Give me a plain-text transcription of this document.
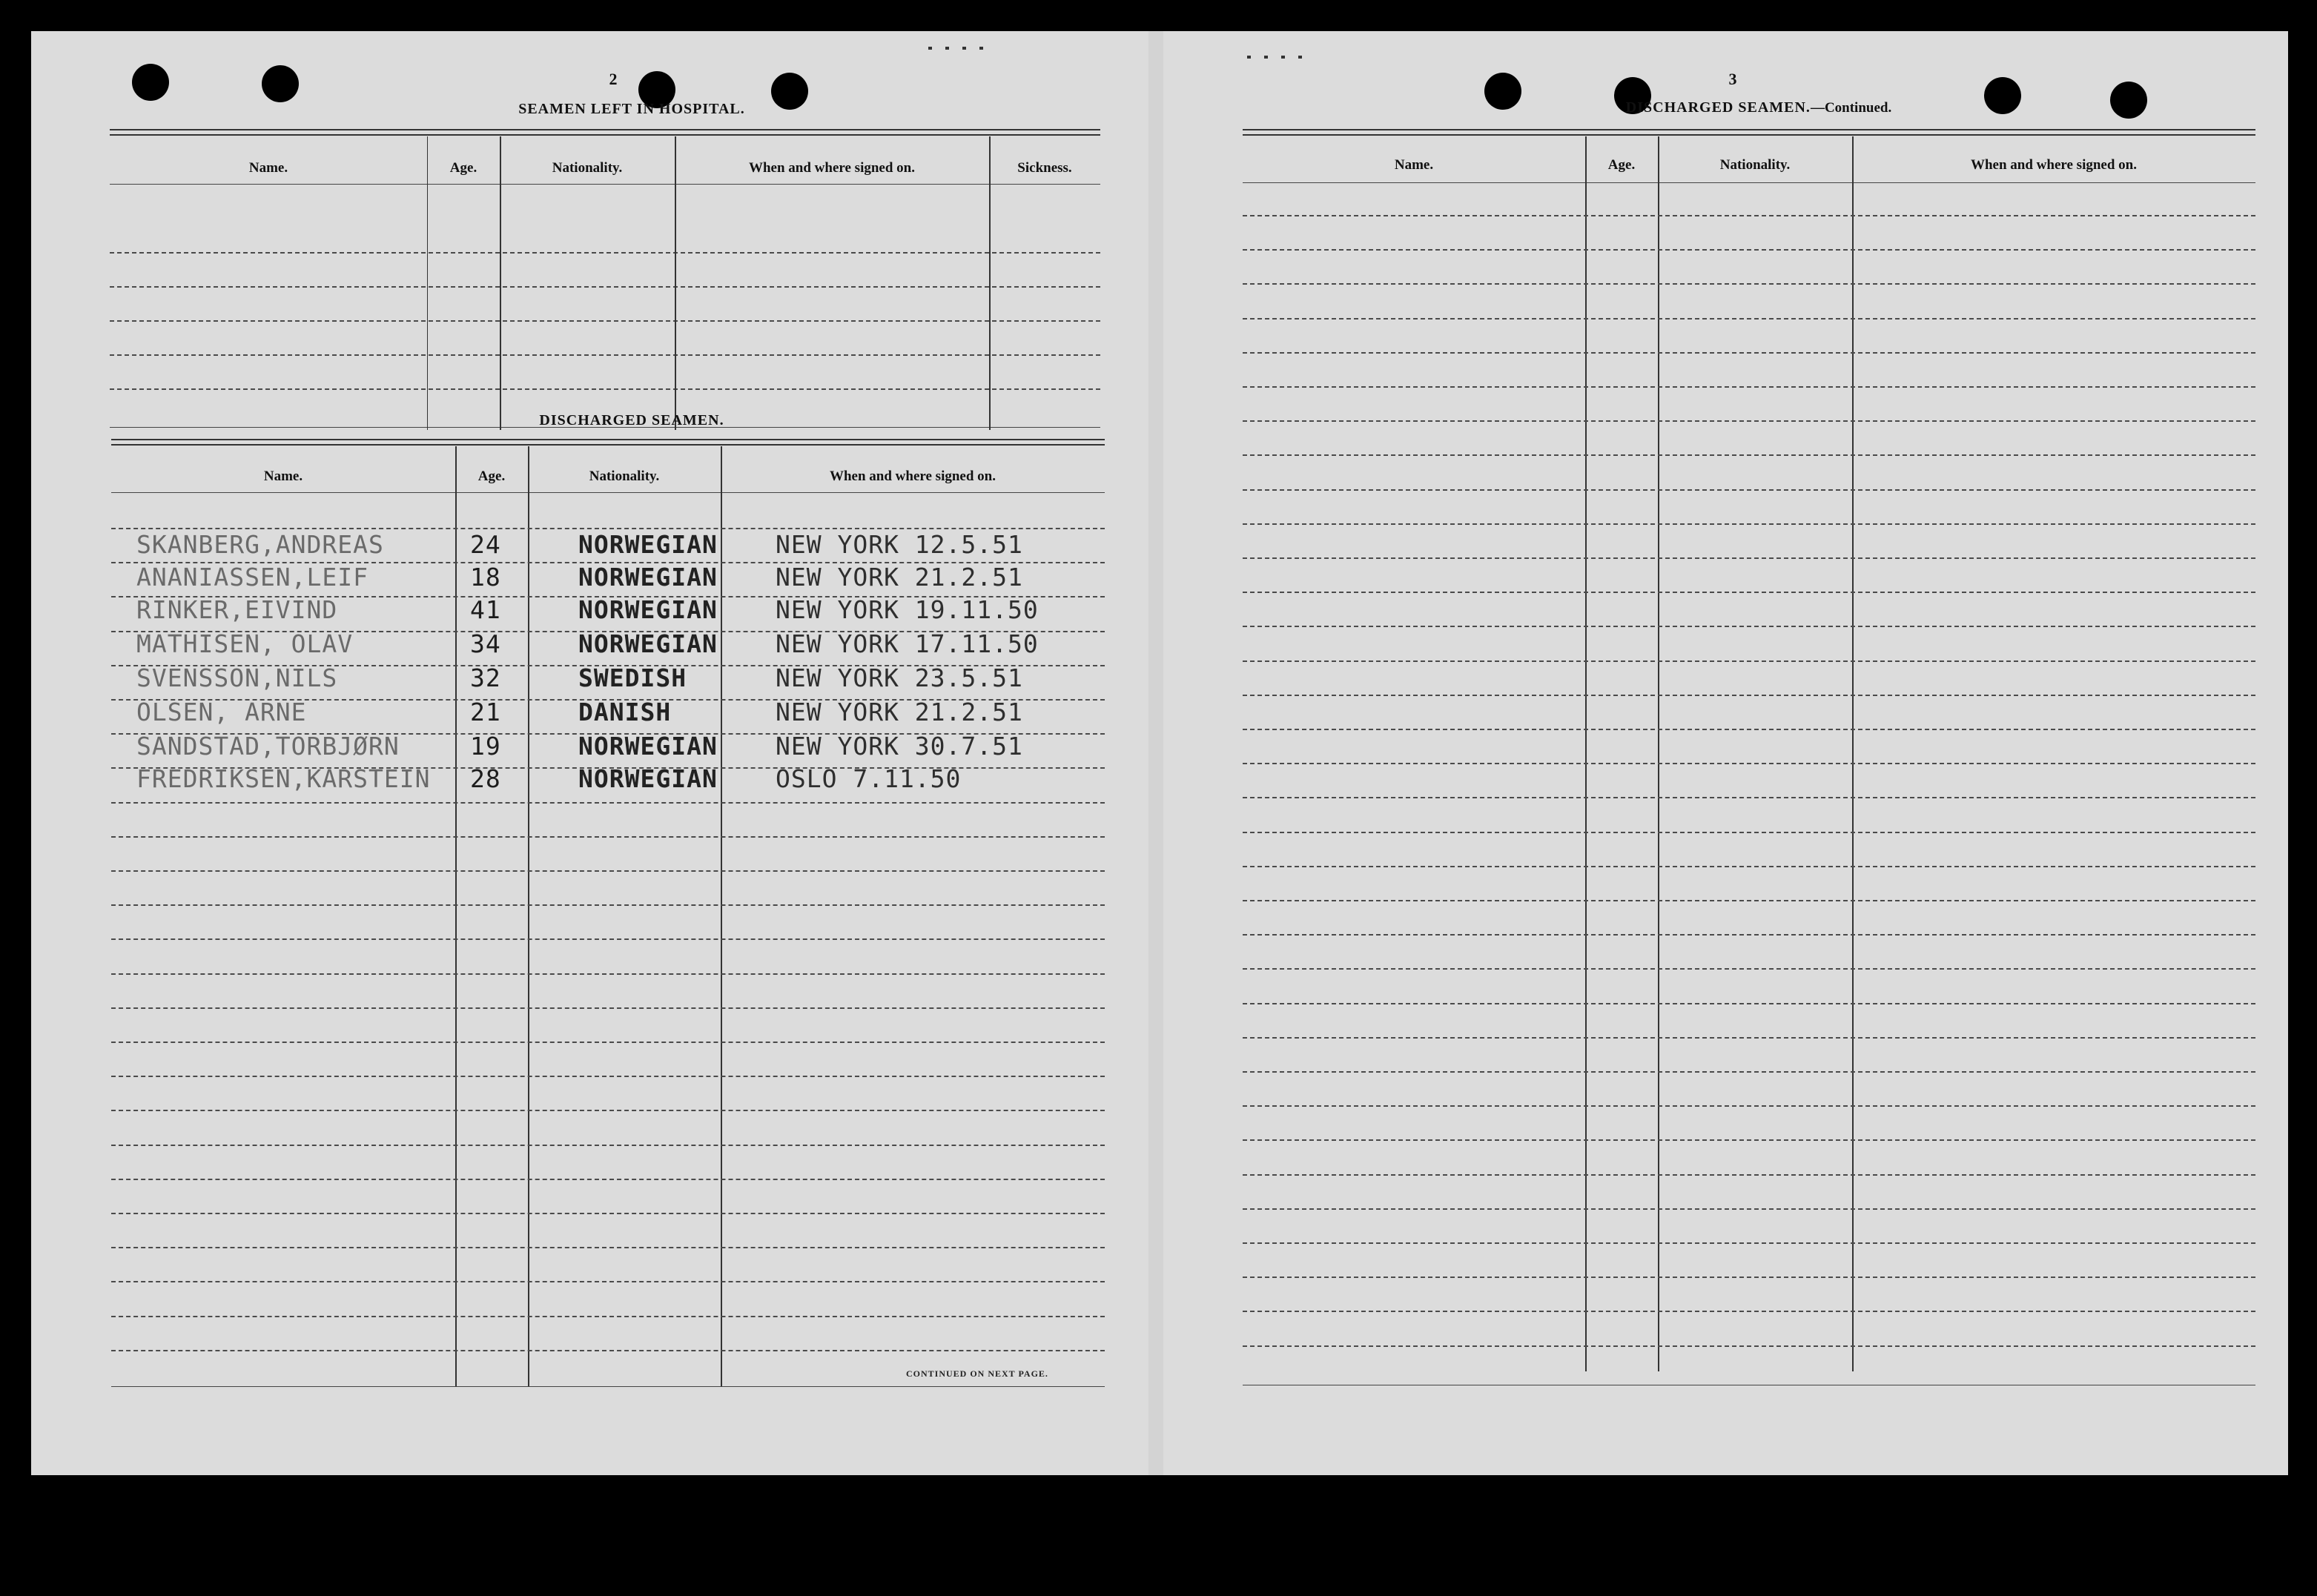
2
SEAMEN LEFT IN HOSPITAL.
Name.	Age.	Nationality.	When and where signed on.	Sickness.
DISCHARGED SEAMEN.
Name.	Age.	Nationality.	When and where signed on.
SKANBERG,ANDREAS	24	NORWEGIAN NEW YORK 12.5.51
ANANIASSEN,LEIF	18	NORWEGIAN NEW YORK 21.2.51
RINKER,EIVIND	41	NORWEGIAN NEW YORK 19.11.50
MATHISEN, OLAV	34	NORWEGIAN NEW YORK 17.11.50
SVENSSON,NILS	32	SWEDISH	NEW YORK 23.5.51
OLSEN, ARNE	21	DANISH	NEW YORK 21.2.51
SANDSTAD,TORBJØRN	19	NORWEGIAN NEW YORK 30.7.51
FREDRIKSEN,KARSTEIN 28	NORWEGIAN OSLO 7.11.50
CONTINUED ON NEXT PAGE.
3
DISCHARGED SEAMEN.—Continued.
Name.	Age.	Nationality.	When and where signed on.
